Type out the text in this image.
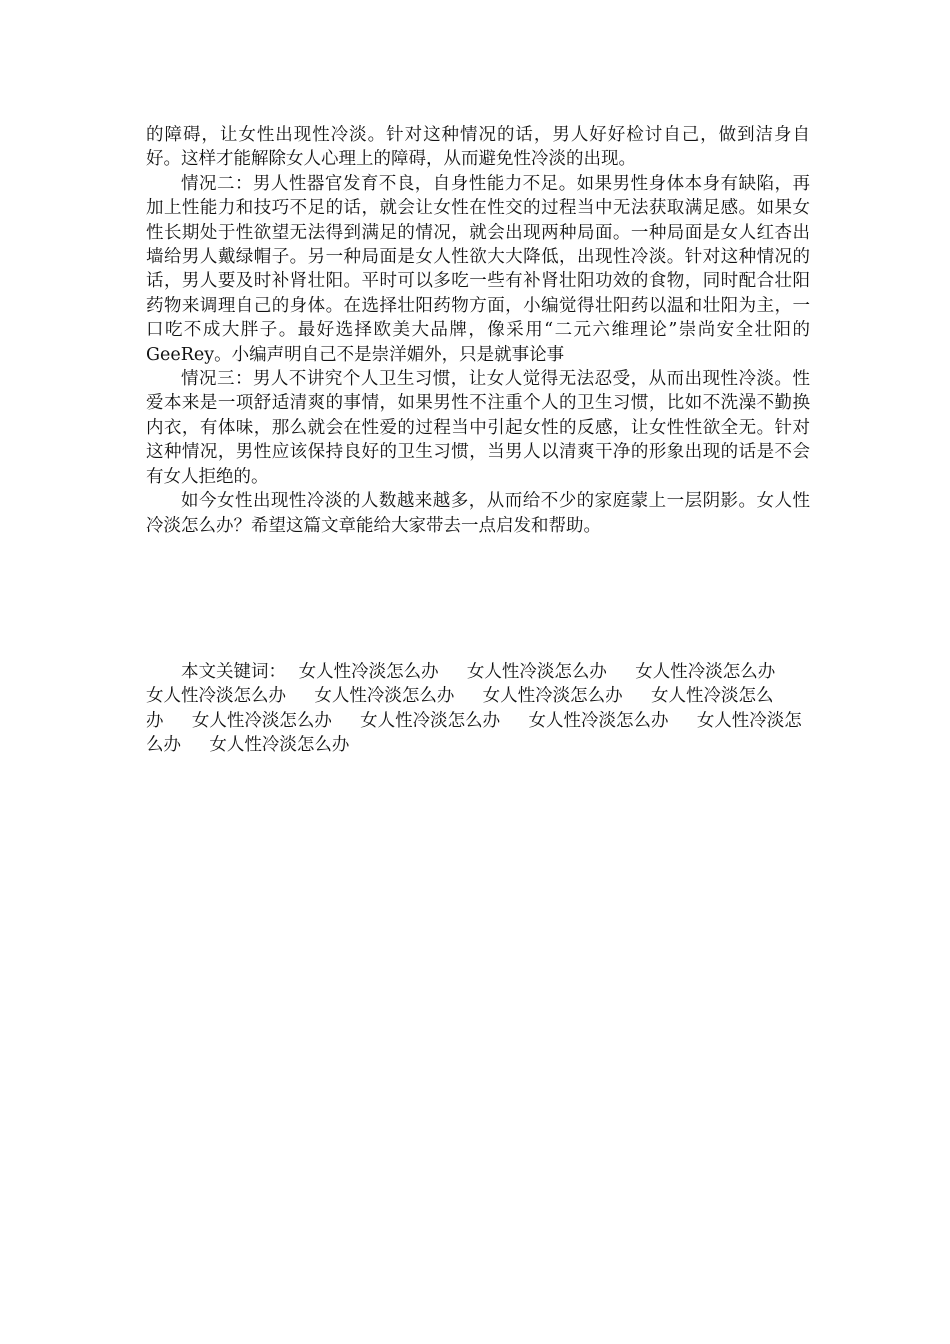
的障碍，让女性出现性冷淡。针对这种情况的话，男人好好检讨自己，做到洁身自好。这样才能解除女人心理上的障碍，从而避免性冷淡的出现。

情况二：男人性器官发育不良，自身性能力不足。如果男性身体本身有缺陷，再加上性能力和技巧不足的话，就会让女性在性交的过程当中无法获取满足感。如果女性长期处于性欲望无法得到满足的情况，就会出现两种局面。一种局面是女人红杏出墙给男人戴绿帽子。另一种局面是女人性欲大大降低，出现性冷淡。针对这种情况的话，男人要及时补肾壮阳。平时可以多吃一些有补肾壮阳功效的食物，同时配合壮阳药物来调理自己的身体。在选择壮阳药物方面，小编觉得壮阳药以温和壮阳为主，一口吃不成大胖子。最好选择欧美大品牌，像采用“二元六维理论”崇尚安全壮阳的GeeRey。小编声明自己不是崇洋媚外，只是就事论事

情况三：男人不讲究个人卫生习惯，让女人觉得无法忍受，从而出现性冷淡。性爱本来是一项舒适清爽的事情，如果男性不注重个人的卫生习惯，比如不洗澡不勤换内衣，有体味，那么就会在性爱的过程当中引起女性的反感，让女性性欲全无。针对这种情况，男性应该保持良好的卫生习惯，当男人以清爽干净的形象出现的话是不会有女人拒绝的。

如今女性出现性冷淡的人数越来越多，从而给不少的家庭蒙上一层阴影。女人性冷淡怎么办？希望这篇文章能给大家带去一点启发和帮助。

本文关键词： 女人性冷淡怎么办 女人性冷淡怎么办 女人性冷淡怎么办 女人性冷淡怎么办 女人性冷淡怎么办 女人性冷淡怎么办 女人性冷淡怎么办 女人性冷淡怎么办 女人性冷淡怎么办 女人性冷淡怎么办 女人性冷淡怎么办 女人性冷淡怎么办
